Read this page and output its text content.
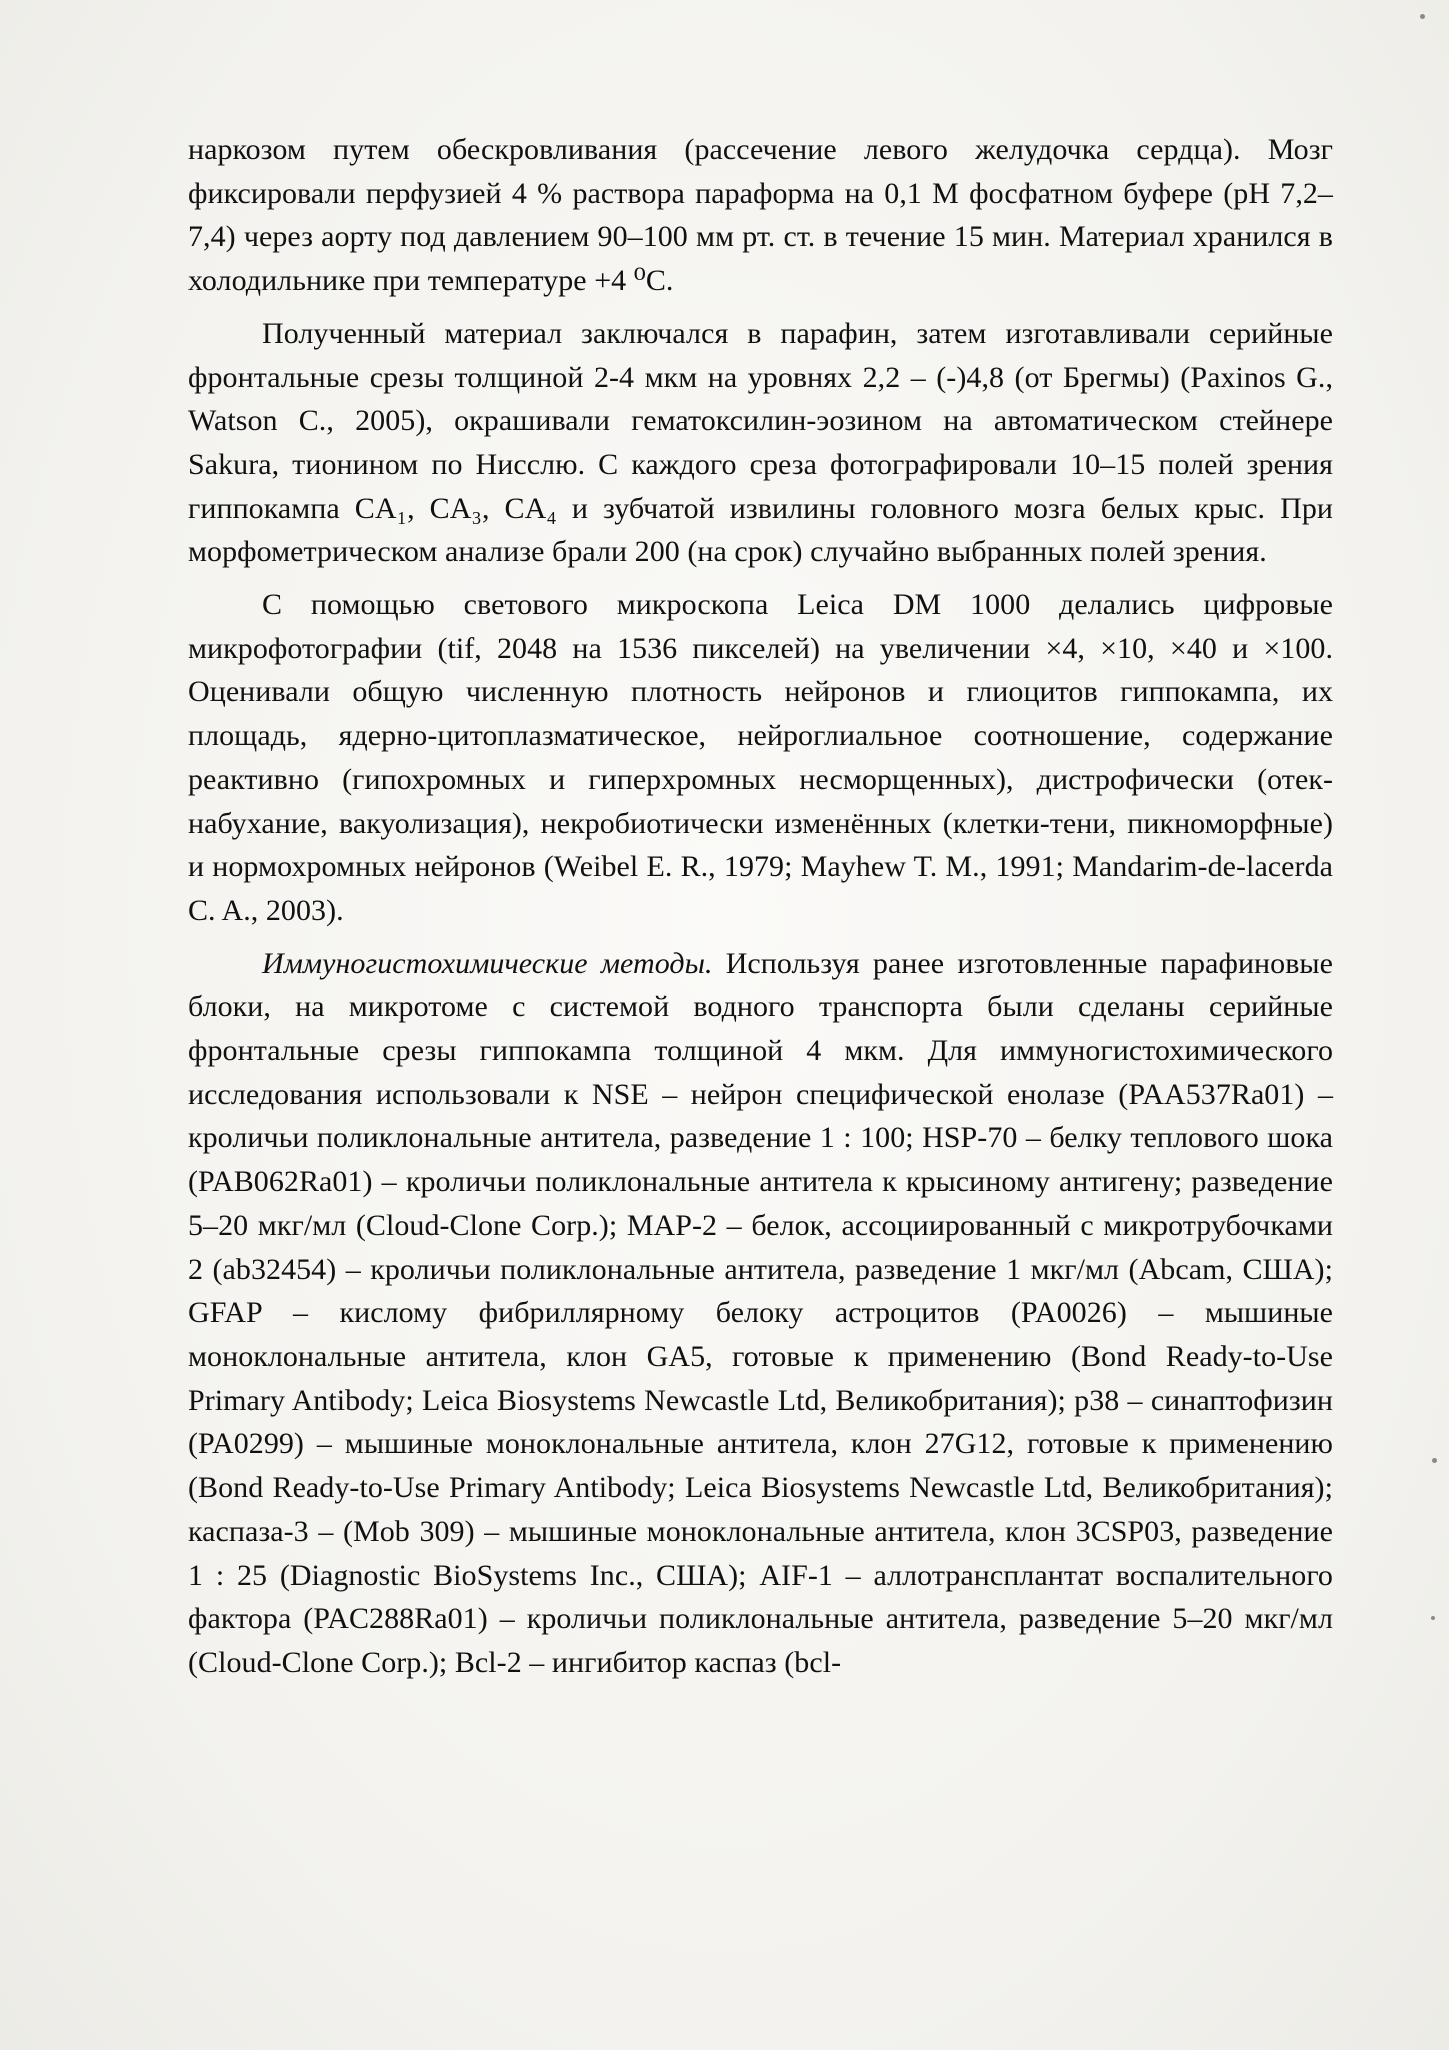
наркозом путем обескровливания (рассечение левого желудочка сердца). Мозг фиксировали перфузией 4 % раствора параформа на 0,1 М фосфатном буфере (pH 7,2–7,4) через аорту под давлением 90–100 мм рт. ст. в течение 15 мин. Материал хранился в холодильнике при температуре +4 ⁰С.

Полученный материал заключался в парафин, затем изготавливали серийные фронтальные срезы толщиной 2-4 мкм на уровнях 2,2 – (-)4,8 (от Брегмы) (Paxinos G., Watson C., 2005), окрашивали гематоксилин-эозином на автоматическом стейнере Sakura, тионином по Нисслю. С каждого среза фотографировали 10–15 полей зрения гиппокампа CA₁, CA₃, CA₄ и зубчатой извилины головного мозга белых крыс. При морфометрическом анализе брали 200 (на срок) случайно выбранных полей зрения.

С помощью светового микроскопа Leica DM 1000 делались цифровые микрофотографии (tif, 2048 на 1536 пикселей) на увеличении ×4, ×10, ×40 и ×100. Оценивали общую численную плотность нейронов и глиоцитов гиппокампа, их площадь, ядерно-цитоплазматическое, нейроглиальное соотношение, содержание реактивно (гипохромных и гиперхромных несморщенных), дистрофически (отек-набухание, вакуолизация), некробиотически изменённых (клетки-тени, пикноморфные) и нормохромных нейронов (Weibel E. R., 1979; Mayhew T. M., 1991; Mandarim-de-lacerda C. A., 2003).

Иммуногистохимические методы. Используя ранее изготовленные парафиновые блоки, на микротоме с системой водного транспорта были сделаны серийные фронтальные срезы гиппокампа толщиной 4 мкм. Для иммуногистохимического исследования использовали к NSE – нейрон специфической енолазе (PAA537Ra01) – кроличьи поликлональные антитела, разведение 1 : 100; HSP-70 – белку теплового шока (PAB062Ra01) – кроличьи поликлональные антитела к крысиному антигену; разведение 5–20 мкг/мл (Cloud-Clone Corp.); MAP-2 – белок, ассоциированный с микротрубочками 2 (ab32454) – кроличьи поликлональные антитела, разведение 1 мкг/мл (Abcam, США); GFAP – кислому фибриллярному белоку астроцитов (PA0026) – мышиные моноклональные антитела, клон GA5, готовые к применению (Bond Ready-to-Use Primary Antibody; Leica Biosystems Newcastle Ltd, Великобритания); p38 – синаптофизин (PA0299) – мышиные моноклональные антитела, клон 27G12, готовые к применению (Bond Ready-to-Use Primary Antibody; Leica Biosystems Newcastle Ltd, Великобритания); каспаза-3 – (Mob 309) – мышиные моноклональные антитела, клон 3CSP03, разведение 1 : 25 (Diagnostic BioSystems Inc., США); AIF-1 – аллотрансплантат воспалительного фактора (PAC288Ra01) – кроличьи поликлональные антитела, разведение 5–20 мкг/мл (Cloud-Clone Corp.); Bcl-2 – ингибитор каспаз (bcl-
